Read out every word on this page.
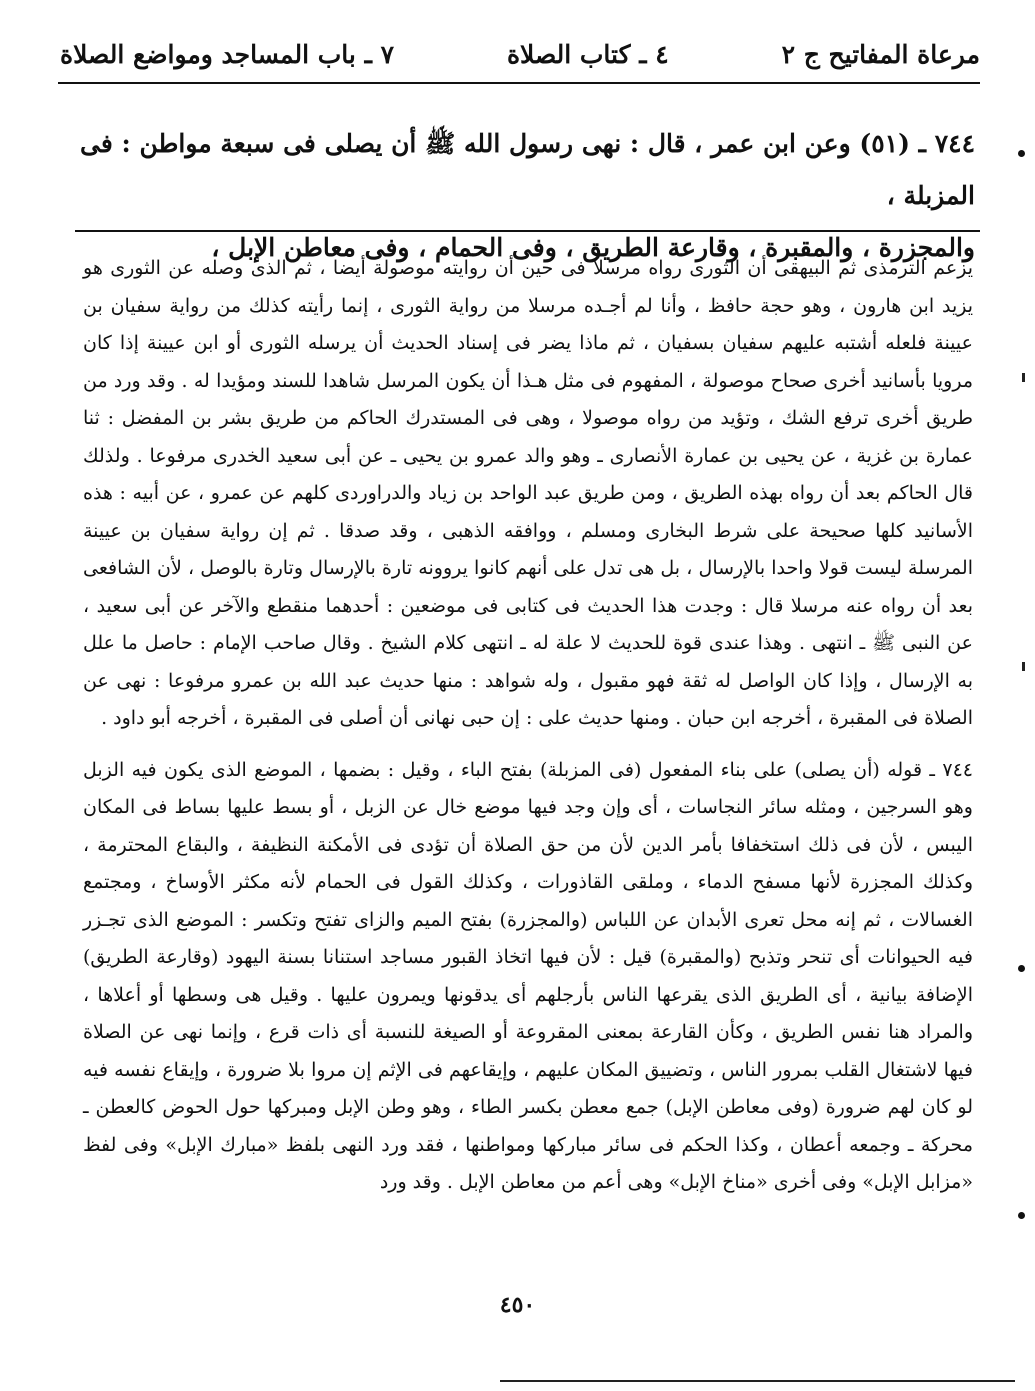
مرعاة المفاتيح ج ٢
٤ ـ كتاب الصلاة
٧ ـ باب المساجد ومواضع الصلاة
٧٤٤ ـ (٥١) وعن ابن عمر ، قال : نهى رسول الله ﷺ أن يصلى فى سبعة مواطن : فى المزبلة ،
والمجزرة ، والمقبرة ، وقارعة الطريق ، وفى الحمام ، وفى معاطن الإبل ،

يزعم الترمذى ثم البيهقى أن الثورى رواه مرسلا فى حين أن روايته موصولة أيضا ، ثم الذى وصله عن الثورى هو يزيد ابن هارون ، وهو حجة حافظ ، وأنا لم أجـده مرسلا من رواية الثورى ، إنما رأيته كذلك من رواية سفيان بن عيينة فلعله أشتبه عليهم سفيان بسفيان ، ثم ماذا يضر فى إسناد الحديث أن يرسله الثورى أو ابن عيينة إذا كان مرويا بأسانيد أخرى صحاح موصولة ، المفهوم فى مثل هـذا أن يكون المرسل شاهدا للسند ومؤيدا له . وقد ورد من طريق أخرى ترفع الشك ، وتؤيد من رواه موصولا ، وهى فى المستدرك الحاكم من طريق بشر بن المفضل : ثنا عمارة بن غزية ، عن يحيى بن عمارة الأنصارى ـ وهو والد عمرو بن يحيى ـ عن أبى سعيد الخدرى مرفوعا . ولذلك قال الحاكم بعد أن رواه بهذه الطريق ، ومن طريق عبد الواحد بن زياد والدراوردى كلهم عن عمرو ، عن أبيه : هذه الأسانيد كلها صحيحة على شرط البخارى ومسلم ، ووافقه الذهبى ، وقد صدقا . ثم إن رواية سفيان بن عيينة المرسلة ليست قولا واحدا بالإرسال ، بل هى تدل على أنهم كانوا يروونه تارة بالإرسال وتارة بالوصل ، لأن الشافعى بعد أن رواه عنه مرسلا قال : وجدت هذا الحديث فى كتابى فى موضعين : أحدهما منقطع والآخر عن أبى سعيد ، عن النبى ﷺ ـ انتهى . وهذا عندى قوة للحديث لا علة له ـ انتهى كلام الشيخ . وقال صاحب الإمام : حاصل ما علل به الإرسال ، وإذا كان الواصل له ثقة فهو مقبول ، وله شواهد : منها حديث عبد الله بن عمرو مرفوعا : نهى عن الصلاة فى المقبرة ، أخرجه ابن حبان . ومنها حديث على : إن حبى نهانى أن أصلى فى المقبرة ، أخرجه أبو داود .

٧٤٤ ـ قوله (أن يصلى) على بناء المفعول (فى المزبلة) بفتح الباء ، وقيل : بضمها ، الموضع الذى يكون فيه الزبل وهو السرجين ، ومثله سائر النجاسات ، أى وإن وجد فيها موضع خال عن الزبل ، أو بسط عليها بساط فى المكان اليبس ، لأن فى ذلك استخفافا بأمر الدين لأن من حق الصلاة أن تؤدى فى الأمكنة النظيفة ، والبقاع المحترمة ، وكذلك المجزرة لأنها مسفح الدماء ، وملقى القاذورات ، وكذلك القول فى الحمام لأنه مكثر الأوساخ ، ومجتمع الغسالات ، ثم إنه محل تعرى الأبدان عن اللباس (والمجزرة) بفتح الميم والزاى تفتح وتكسر : الموضع الذى تجـزر فيه الحيوانات أى تنحر وتذبح (والمقبرة) قيل : لأن فيها اتخاذ القبور مساجد استنانا بسنة اليهود (وقارعة الطريق) الإضافة بيانية ، أى الطريق الذى يقرعها الناس بأرجلهم أى يدقونها ويمرون عليها . وقيل هى وسطها أو أعلاها ، والمراد هنا نفس الطريق ، وكأن القارعة بمعنى المقروعة أو الصيغة للنسبة أى ذات قرع ، وإنما نهى عن الصلاة فيها لاشتغال القلب بمرور الناس ، وتضييق المكان عليهم ، وإيقاعهم فى الإثم إن مروا بلا ضرورة ، وإيقاع نفسه فيه لو كان لهم ضرورة (وفى معاطن الإبل) جمع معطن بكسر الطاء ، وهو وطن الإبل ومبركها حول الحوض كالعطن ـ محركة ـ وجمعه أعطان ، وكذا الحكم فى سائر مباركها ومواطنها ، فقد ورد النهى بلفظ «مبارك الإبل» وفى لفظ «مزابل الإبل» وفى أخرى «مناخ الإبل» وهى أعم من معاطن الإبل . وقد ورد

٤٥٠
